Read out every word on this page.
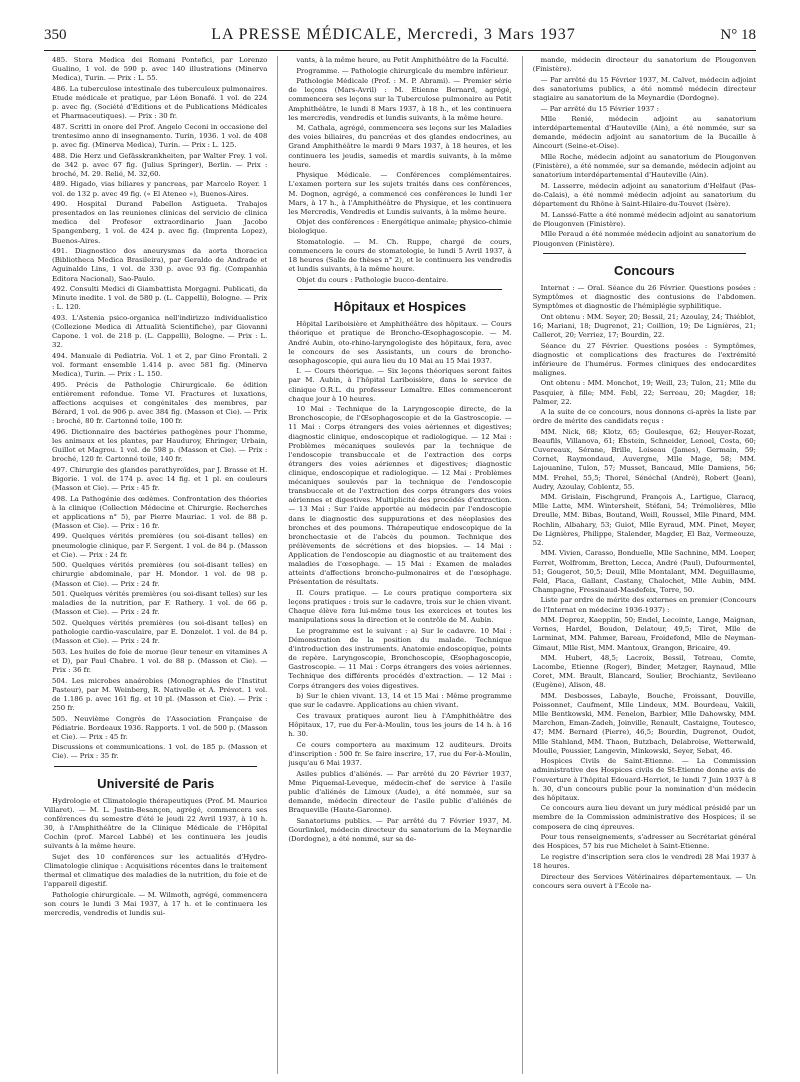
350	LA PRESSE MÉDICALE, Mercredi, 3 Mars 1937	N° 18

485. Stora Medica dei Romani Pontefici, par Lorenzo Gualino, 1 vol. de 590 p. avec 140 illustrations (Minerva Medica), Turin. — Prix : L. 55.

486. La tuberculose intestinale des tuberculeux pulmonaires. Etude médicale et pratique, par Léon Bonafé. 1 vol. de 224 p. avec fig. (Société d'Editions et de Publications Médicales et Pharmaceutiques). — Prix : 30 fr.

487. Scritti in onore del Prof. Angelo Ceconi in occasione del trentesimo anno di insegnamento. Turin, 1936. 1 vol. de 408 p. avec fig. (Minerva Medica), Turin. — Prix : L. 125.

488. Die Herz und Gefässkrankheiten, par Walter Frey. 1 vol. de 342 p. avec 67 fig. (Julius Springer), Berlin. — Prix : broché, M. 29. Relié, M. 32,60.

489. Higado, vias biliares y pancreas, par Marcelo Royer. 1 vol. de 132 p. avec 49 fig. (« El Ateneo »), Buenos-Aires.

490. Hospital Durand Pabellon Astigueta. Trabajos presentados en las reuniones clinicas del servicio de clinica medica del Profesor extraordinario Juan Jacobo Spangenberg, 1 vol. de 424 p. avec fig. (Imprenta Lopez), Buenos-Aires.

491. Diagnostico dos aneurysmas da aorta thoracica (Bibliotheca Medica Brasileira), par Geraldo de Andrade et Aguinaldo Lins, 1 vol. de 330 p. avec 93 fig. (Companhia Editora Nacional), Sao-Paulo.

492. Consulti Medici di Giambattista Morgagni. Publicati, da Minute inedite. 1 vol. de 580 p. (L. Cappelli), Bologne. — Prix : L. 120.

493. L'Astenia psico-organica nell'indirizzo individualistico (Collezione Medica di Attualità Scientifiche), par Giovanni Capone. 1 vol. de 218 p. (L. Cappelli), Bologne. — Prix : L. 32.

494. Manuale di Pediatria. Vol. 1 et 2, par Gino Frontali. 2 vol. formant ensemble 1.414 p. avec 581 fig. (Minerva Medica), Turin. — Prix : L. 150.

495. Précis de Pathologie Chirurgicale. 6e édition entièrement refondue. Tome VI. Fractures et luxations, affections acquises et congénitales des membres, par Bérard, 1 vol. de 906 p. avec 384 fig. (Masson et Cie). — Prix : broché, 80 fr. Cartonné toile, 100 fr.

496. Dictionnaire des bactéries pathogènes pour l'homme, les animaux et les plantes, par Hauduroy, Ehringer, Urbain, Guillot et Magrou. 1 vol. de 598 p. (Masson et Cie). — Prix : broché, 120 fr. Cartonné toile, 140 fr.

497. Chirurgie des glandes parathyroïdes, par J. Brasse et H. Bigorie. 1 vol. de 174 p. avec 14 fig. et 1 pl. en couleurs (Masson et Cie). — Prix : 45 fr.

498. La Pathogénie des œdèmes. Confrontation des théories à la clinique (Collection Médecine et Chirurgie. Recherches et applications n° 5), par Pierre Mauriac. 1 vol. de 88 p. (Masson et Cie). — Prix : 16 fr.

499. Quelques vérités premières (ou soi-disant telles) en pneumologie clinique, par F. Sergent. 1 vol. de 84 p. (Masson et Cie). — Prix : 24 fr.

500. Quelques vérités premières (ou soi-disant telles) en chirurgie abdominale, par H. Mondor. 1 vol. de 98 p. (Masson et Cie). — Prix : 24 fr.

501. Quelques vérités premières (ou soi-disant telles) sur les maladies de la nutrition, par F. Rathery. 1 vol. de 66 p. (Masson et Cie). — Prix : 24 fr.

502. Quelques vérités premières (ou soi-disant telles) en pathologie cardio-vasculaire, par E. Donzelot. 1 vol. de 84 p. (Masson et Cie). — Prix : 24 fr.

503. Les huiles de foie de morue (leur teneur en vitamines A et D), par Paul Chabre. 1 vol. de 88 p. (Masson et Cie). — Prix : 36 fr.

504. Les microbes anaérobies (Monographies de l'Institut Pasteur), par M. Weinberg, R. Nativelle et A. Prévot. 1 vol. de 1.186 p. avec 161 fig. et 10 pl. (Masson et Cie). — Prix : 250 fr.

505. Neuvième Congrès de l'Association Française de Pédiatrie. Bordeaux 1936. Rapports. 1 vol. de 500 p. (Masson et Cie). — Prix : 45 fr.

Discussions et communications. 1 vol. de 185 p. (Masson et Cie). — Prix : 35 fr.

Université de Paris

Hydrologie et Climatologie thérapeutiques (Prof. M. Maurice Villaret). — M. L. Justin-Besançon, agrégé, commencera ses conférences du semestre d'été le jeudi 22 Avril 1937, à 10 h. 30, à l'Amphithéâtre de la Clinique Médicale de l'Hôpital Cochin (prof. Marcel Labbé) et les continuera les jeudis suivants à la même heure.

Sujet des 10 conférences sur les actualités d'Hydro-Climatologie clinique : Acquisitions récentes dans le traitement thermal et climatique des maladies de la nutrition, du foie et de l'appareil digestif.

Pathologie chirurgicale. — M. Wilmoth, agrégé, commencera son cours le lundi 3 Mai 1937, à 17 h. et le continuera les mercredis, vendredis et lundis sui-

vants, à la même heure, au Petit Amphithéâtre de la Faculté.

Programme. — Pathologie chirurgicale du membre inférieur.

Pathologie Médicale (Prof. : M. P. Abrami). — Premier série de leçons (Mars-Avril) : M. Etienne Bernard, agrégé, commencera ses leçons sur la Tuberculose pulmonaire au Petit Amphithéâtre, le lundi 8 Mars 1937, à 18 h., et les continuera les mercredis, vendredis et lundis suivants, à la même heure.

M. Cathala, agrégé, commencera ses leçons sur les Maladies des voies biliaires, du pancréas et des glandes endocrines, au Grand Amphithéâtre le mardi 9 Mars 1937, à 18 heures, et les continuera les jeudis, samedis et mardis suivants, à la même heure.

Physique Médicale. — Conférences complémentaires. L'examen portera sur les sujets traités dans ces conférences, M. Dognon, agrégé, a commencé ces conférences le lundi 1er Mars, à 17 h., à l'Amphithéâtre de Physique, et les continuera les Mercredis, Vendredis et Lundis suivants, à la même heure.

Objet des conférences : Energétique animale; physico-chimie biologique.

Stomatologie. — M. Ch. Ruppe, chargé de cours, commencera le cours de stomatologie, le lundi 5 Avril 1937, à 18 heures (Salle de thèses n° 2), et le continuera les vendredis et lundis suivants, à la même heure.

Objet du cours : Pathologie bucco-dentaire.

Hôpitaux et Hospices

Hôpital Lariboisière et Amphithéâtre des hôpitaux. — Cours théorique et pratique de Broncho-Œsophagoscopie. — M. André Aubin, oto-rhino-laryngologiste des hôpitaux, fera, avec le concours de ses Assistants, un cours de broncho-œsophagoscopie, qui aura lieu du 10 Mai au 15 Mai 1937.

I. — Cours théorique. — Six leçons théoriques seront faites par M. Aubin, à l'hôpital Lariboisière, dans le service de clinique O.R.L. du professeur Lemaître. Elles commenceront chaque jour à 10 heures.

10 Mai : Technique de la Laryngoscopie directe, de la Bronchoscopie, de l'Œsophagoscopie et de la Gastroscopie. — 11 Mai : Corps étrangers des voies aériennes et digestives; diagnostic clinique, endoscopique et radiologique. — 12 Mai : Problèmes mécaniques soulevés par la technique de l'endoscopie transbuccale et de l'extraction des corps étrangers des voies aériennes et digestives; diagnostic clinique, endoscopique et radiologique. — 12 Mai : Problèmes mécaniques soulevés par la technique de l'endoscopie transbuccale et de l'extraction des corps étrangers des voies aériennes et digestives. Multiplicité des procédés d'extraction. — 13 Mai : Sur l'aide apportée au médecin par l'endoscopie dans le diagnostic des suppurations et des néoplasies des bronches et des poumons. Thérapeutique endoscopique de la bronchectasie et de l'abcès du poumon. Technique des prélèvements de sécrétions et des biopsies. — 14 Mai : Application de l'endoscopie au diagnostic et au traitement des maladies de l'œsophage. — 15 Mai : Examen de malades atteints d'affections broncho-pulmonaires et de l'œsophage. Présentation de résultats.

II. Cours pratique. — Le cours pratique comportera six leçons pratiques : trois sur le cadavre, trois sur le chien vivant. Chaque élève fera lui-même tous les exercices et toutes les manipulations sous la direction et le contrôle de M. Aubin.

Le programme est le suivant : a) Sur le cadavre. 10 Mai : Démonstration de la position du malade. Technique d'introduction des instruments. Anatomie endoscopique, points de repère. Laryngoscopie, Bronchoscopie, Œsophagoscopie, Gastroscopie. — 11 Mai : Corps étrangers des voies aériennes. Technique des différents procédés d'extraction. — 12 Mai : Corps étrangers des voies digestives.

b) Sur le chien vivant. 13, 14 et 15 Mai : Même programme que sur le cadavre. Applications au chien vivant.

Ces travaux pratiques auront lieu à l'Amphithéâtre des Hôpitaux, 17, rue du Fer-à-Moulin, tous les jours de 14 h. à 16 h. 30.

Ce cours comportera au maximum 12 auditeurs. Droits d'inscription : 500 fr. Se faire inscrire, 17, rue du Fer-à-Moulin, jusqu'au 6 Mai 1937.

Asiles publics d'aliénés. — Par arrêté du 20 Février 1937, Mme Piquemal-Leveque, médecin-chef de service à l'asile public d'aliénés de Limoux (Aude), a été nommée, sur sa demande, médecin directeur de l'asile public d'aliénés de Braqueville (Haute-Garonne).

Sanatoriums publics. — Par arrêté du 7 Février 1937, M. Gourlinkel, médecin directeur du sanatorium de la Meynardie (Dordogne), a été nommé, sur sa de-

mande, médecin directeur du sanatorium de Plougonven (Finistère).

— Par arrêté du 15 Février 1937, M. Calvet, médecin adjoint des sanatoriums publics, a été nommé médecin directeur stagiaire au sanatorium de la Meynardie (Dordogne).

— Par arrêté du 15 Février 1937 :

Mlle Renié, médecin adjoint au sanatorium interdépartemental d'Hauteville (Ain), a été nommée, sur sa demande, médecin adjoint au sanatorium de la Bucaille à Aincourt (Seine-et-Oise).

Mlle Roche, médecin adjoint au sanatorium de Plougonven (Finistère), a été nommée, sur sa demande, médecin adjoint au sanatorium interdépartemental d'Hauteville (Ain).

M. Lasserre, médecin adjoint au sanatorium d'Helfaut (Pas-de-Calais), a été nommé médecin adjoint au sanatorium du département du Rhône à Saint-Hilaire-du-Touvet (Isère).

M. Lanssé-Fatte a été nommé médecin adjoint au sanatorium de Plougonven (Finistère).

Mlle Peraud a été nommée médecin adjoint au sanatorium de Plougonven (Finistère).

Concours

Internat : — Oral. Séance du 26 Février. Questions posées : Symptômes et diagnostic des contusions de l'abdomen. Symptômes et diagnostic de l'hémiplégie syphilitique.

Ont obtenu : MM. Seyer, 20; Bessil, 21; Azoulay, 24; Thiéblot, 16; Mariani, 18; Dugrenot, 21; Coillion, 19; De Lignières, 21; Callerot, 20; Verriez, 17; Bourdin, 22.

Séance du 27 Février. Questions posées : Symptômes, diagnostic et complications des fractures de l'extrémité inférieure de l'humérus. Formes cliniques des endocardites malignes.

Ont obtenu : MM. Monchot, 19; Weill, 23; Tulon, 21; Mlle du Pasquier, à fille; MM. Febl, 22; Serreau, 20; Magder, 18; Palmer, 22.

A la suite de ce concours, nous donnons ci-après la liste par ordre de mérite des candidats reçus :

MM. Nick, 68; Klotz, 65; Goulesque, 62; Heuyer-Rozat, Beaufils, Villanova, 61; Ebstein, Schneider, Lenoel, Costa, 60; Cuvereaux, Sérane, Brille, Loiseau (James), Germain, 59; Cornet, Raymondaud, Auvergne, Mlle Mage, 58; MM. Lajouanine, Tulon, 57; Musset, Bancaud, Mlle Damiens, 56; MM. Frehel, 55,5; Thorel, Sénéchal (André), Robert (Jean), Audry, Azoulay, Coblentz, 55.

MM. Grislain, Fischgrund, François A., Lartigue, Claracq, Mlle Latte, MM. Wintersheit, Stéfani, 54; Trémolières, Mlle Dreulle, MM. Bibas, Boutand, Weill, Roussel, Mlle Pinard, MM. Rochlin, Albahary, 53; Guiot, Mlle Eyraud, MM. Pinet, Meyer, De Lignières, Philippe, Stalender, Magder, El Baz, Vermeouze, 52.

MM. Vivien, Carasso, Bonduelle, Mlle Sachnine, MM. Loeper, Ferret, Wolfromm, Bretton, Lecca, André (Paul), Dufourmentel, 51; Gougerot, 50,5; Deuil, Mlle Montalant, MM. Deguillaume, Feld, Placa, Gallant, Castany, Chalochet, Mlle Aubin, MM. Champagne, Fressinaud-Masdefeix, Torre, 50.

Liste par ordre de mérite des externes en premier (Concours de l'Internat en médecine 1936-1937) :

MM. Deprez, Kaepplin, 50; Endel, Lecointe, Lange, Maignan, Vernes, Hardel, Boudon, Delatour, 49,5; Tiret, Mlle de Larminat, MM. Pahmer, Bareau, Froidefond, Mlle de Neyman-Gimaut, Mlle Rist, MM. Mantoux, Grangon, Bricaire, 49.

MM. Hubert, 48,5; Lacroix, Bessil, Tetreau, Comte, Lacombe, Etienne (Roger), Binder, Metzger, Raynaud, Mlle Coret, MM. Brault, Blancard, Soulier, Brochiantz, Sevileano (Eugène), Alison, 48.

MM. Desbosses, Labayle, Bouche, Froissant, Douville, Poissonnet, Caufment, Mlle Lindeux, MM. Bourdeau, Vakili, Mlle Bentkowski, MM. Fenelon, Barbier, Mlle Dahowsky, MM. Marchon, Eman-Zadeh, Joinville, Renault, Castaigne, Toutesco, 47; MM. Bernard (Pierre), 46,5; Bourdin, Dugrenot, Oudot, Mlle Stahland, MM. Thaon, Butzbach, Delabroise, Wetterwald, Moulle, Poussier, Langevin, Minkowski, Seyer, Sebat, 46.

Hospices Civils de Saint-Etienne. — La Commission administrative des Hospices civils de St-Etienne donne avis de l'ouverture à l'hôpital Edouard-Herriot, le lundi 7 Juin 1937 à 8 h. 30, d'un concours public pour la nomination d'un médecin des hôpitaux.

Ce concours aura lieu devant un jury médical présidé par un membre de la Commission administrative des Hospices; il se composera de cinq épreuves.

Pour tous renseignements, s'adresser au Secrétariat général des Hospices, 57 bis rue Michelet à Saint-Etienne.

Le registre d'inscription sera clos le vendredi 28 Mai 1937 à 18 heures.

Directeur des Services Vétérinaires départementaux. — Un concours sera ouvert à l'École na-
